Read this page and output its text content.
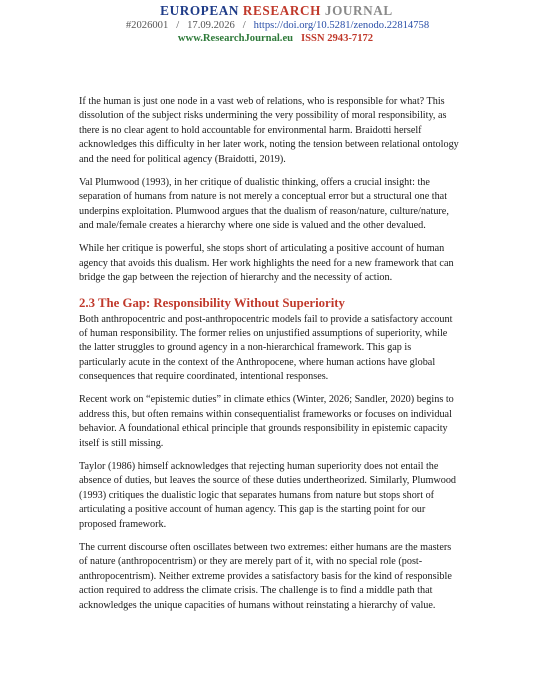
EUROPEAN RESEARCH JOURNAL
#2026001 / 17.09.2026 / https://doi.org/10.5281/zenodo.22814758
www.ResearchJournal.eu ISSN 2943-7172

If the human is just one node in a vast web of relations, who is responsible for what? This dissolution of the subject risks undermining the very possibility of moral responsibility, as there is no clear agent to hold accountable for environmental harm. Braidotti herself acknowledges this difficulty in her later work, noting the tension between relational ontology and the need for political agency (Braidotti, 2019).

Val Plumwood (1993), in her critique of dualistic thinking, offers a crucial insight: the separation of humans from nature is not merely a conceptual error but a structural one that underpins exploitation. Plumwood argues that the dualism of reason/nature, culture/nature, and male/female creates a hierarchy where one side is valued and the other devalued.

While her critique is powerful, she stops short of articulating a positive account of human agency that avoids this dualism. Her work highlights the need for a new framework that can bridge the gap between the rejection of hierarchy and the necessity of action.

2.3 The Gap: Responsibility Without Superiority

Both anthropocentric and post-anthropocentric models fail to provide a satisfactory account of human responsibility. The former relies on unjustified assumptions of superiority, while the latter struggles to ground agency in a non-hierarchical framework. This gap is particularly acute in the context of the Anthropocene, where human actions have global consequences that require coordinated, intentional responses.

Recent work on “epistemic duties” in climate ethics (Winter, 2026; Sandler, 2020) begins to address this, but often remains within consequentialist frameworks or focuses on individual behavior. A foundational ethical principle that grounds responsibility in epistemic capacity itself is still missing.

Taylor (1986) himself acknowledges that rejecting human superiority does not entail the absence of duties, but leaves the source of these duties undertheorized. Similarly, Plumwood (1993) critiques the dualistic logic that separates humans from nature but stops short of articulating a positive account of human agency. This gap is the starting point for our proposed framework.

The current discourse often oscillates between two extremes: either humans are the masters of nature (anthropocentrism) or they are merely part of it, with no special role (post-anthropocentrism). Neither extreme provides a satisfactory basis for the kind of responsible action required to address the climate crisis. The challenge is to find a middle path that acknowledges the unique capacities of humans without reinstating a hierarchy of value.
